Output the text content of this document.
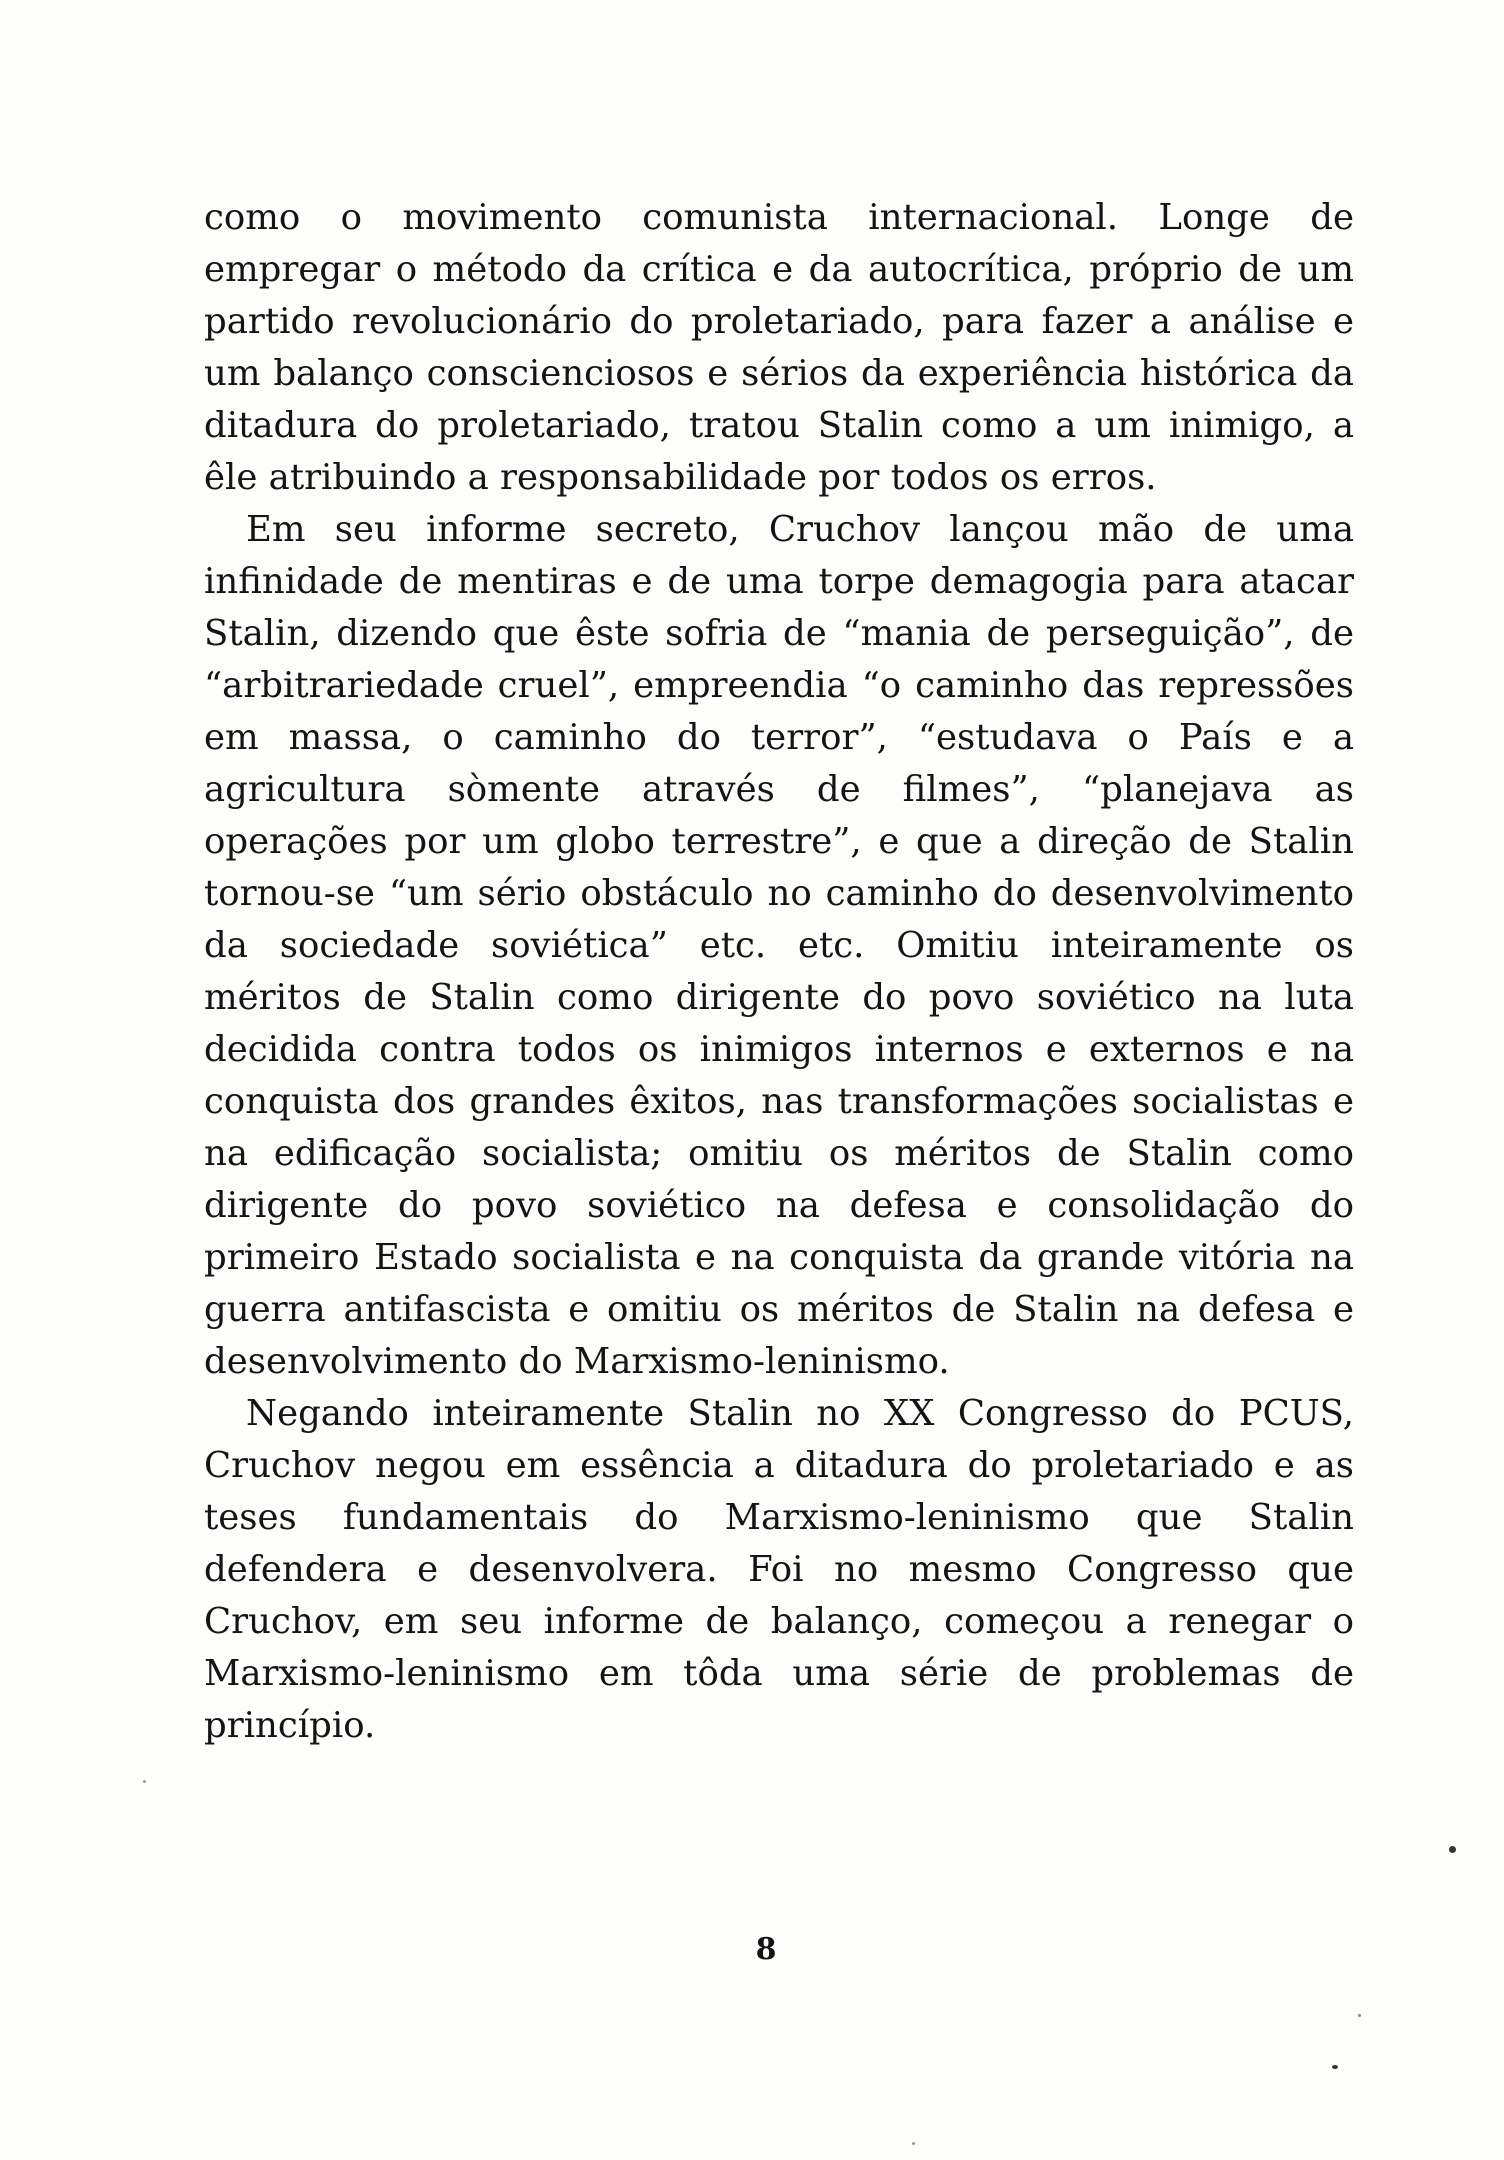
como o movimento comunista internacional. Longe de empregar o método da crítica e da autocrítica, próprio de um partido revolucionário do proletariado, para fazer a análise e um balanço conscienciosos e sérios da experiência histórica da ditadura do proletariado, tratou Stalin como a um inimigo, a êle atribuindo a responsabilidade por todos os erros.

Em seu informe secreto, Cruchov lançou mão de uma infinidade de mentiras e de uma torpe demagogia para atacar Stalin, dizendo que êste sofria de “mania de perseguição”, de “arbitrariedade cruel”, empreendia “o caminho das repressões em massa, o caminho do terror”, “estudava o País e a agricultura sòmente através de filmes”, “planejava as operações por um globo terrestre”, e que a direção de Stalin tornou-se “um sério obstáculo no caminho do desenvolvimento da sociedade soviética” etc. etc. Omitiu inteiramente os méritos de Stalin como dirigente do povo soviético na luta decidida contra todos os inimigos internos e externos e na conquista dos grandes êxitos, nas transformações socialistas e na edificação socialista; omitiu os méritos de Stalin como dirigente do povo soviético na defesa e consolidação do primeiro Estado socialista e na conquista da grande vitória na guerra antifascista e omitiu os méritos de Stalin na defesa e desenvolvimento do Marxismo-leninismo.

Negando inteiramente Stalin no XX Congresso do PCUS, Cruchov negou em essência a ditadura do proletariado e as teses fundamentais do Marxismo-leninismo que Stalin defendera e desenvolvera. Foi no mesmo Congresso que Cruchov, em seu informe de balanço, começou a renegar o Marxismo-leninismo em tôda uma série de problemas de princípio.

8
